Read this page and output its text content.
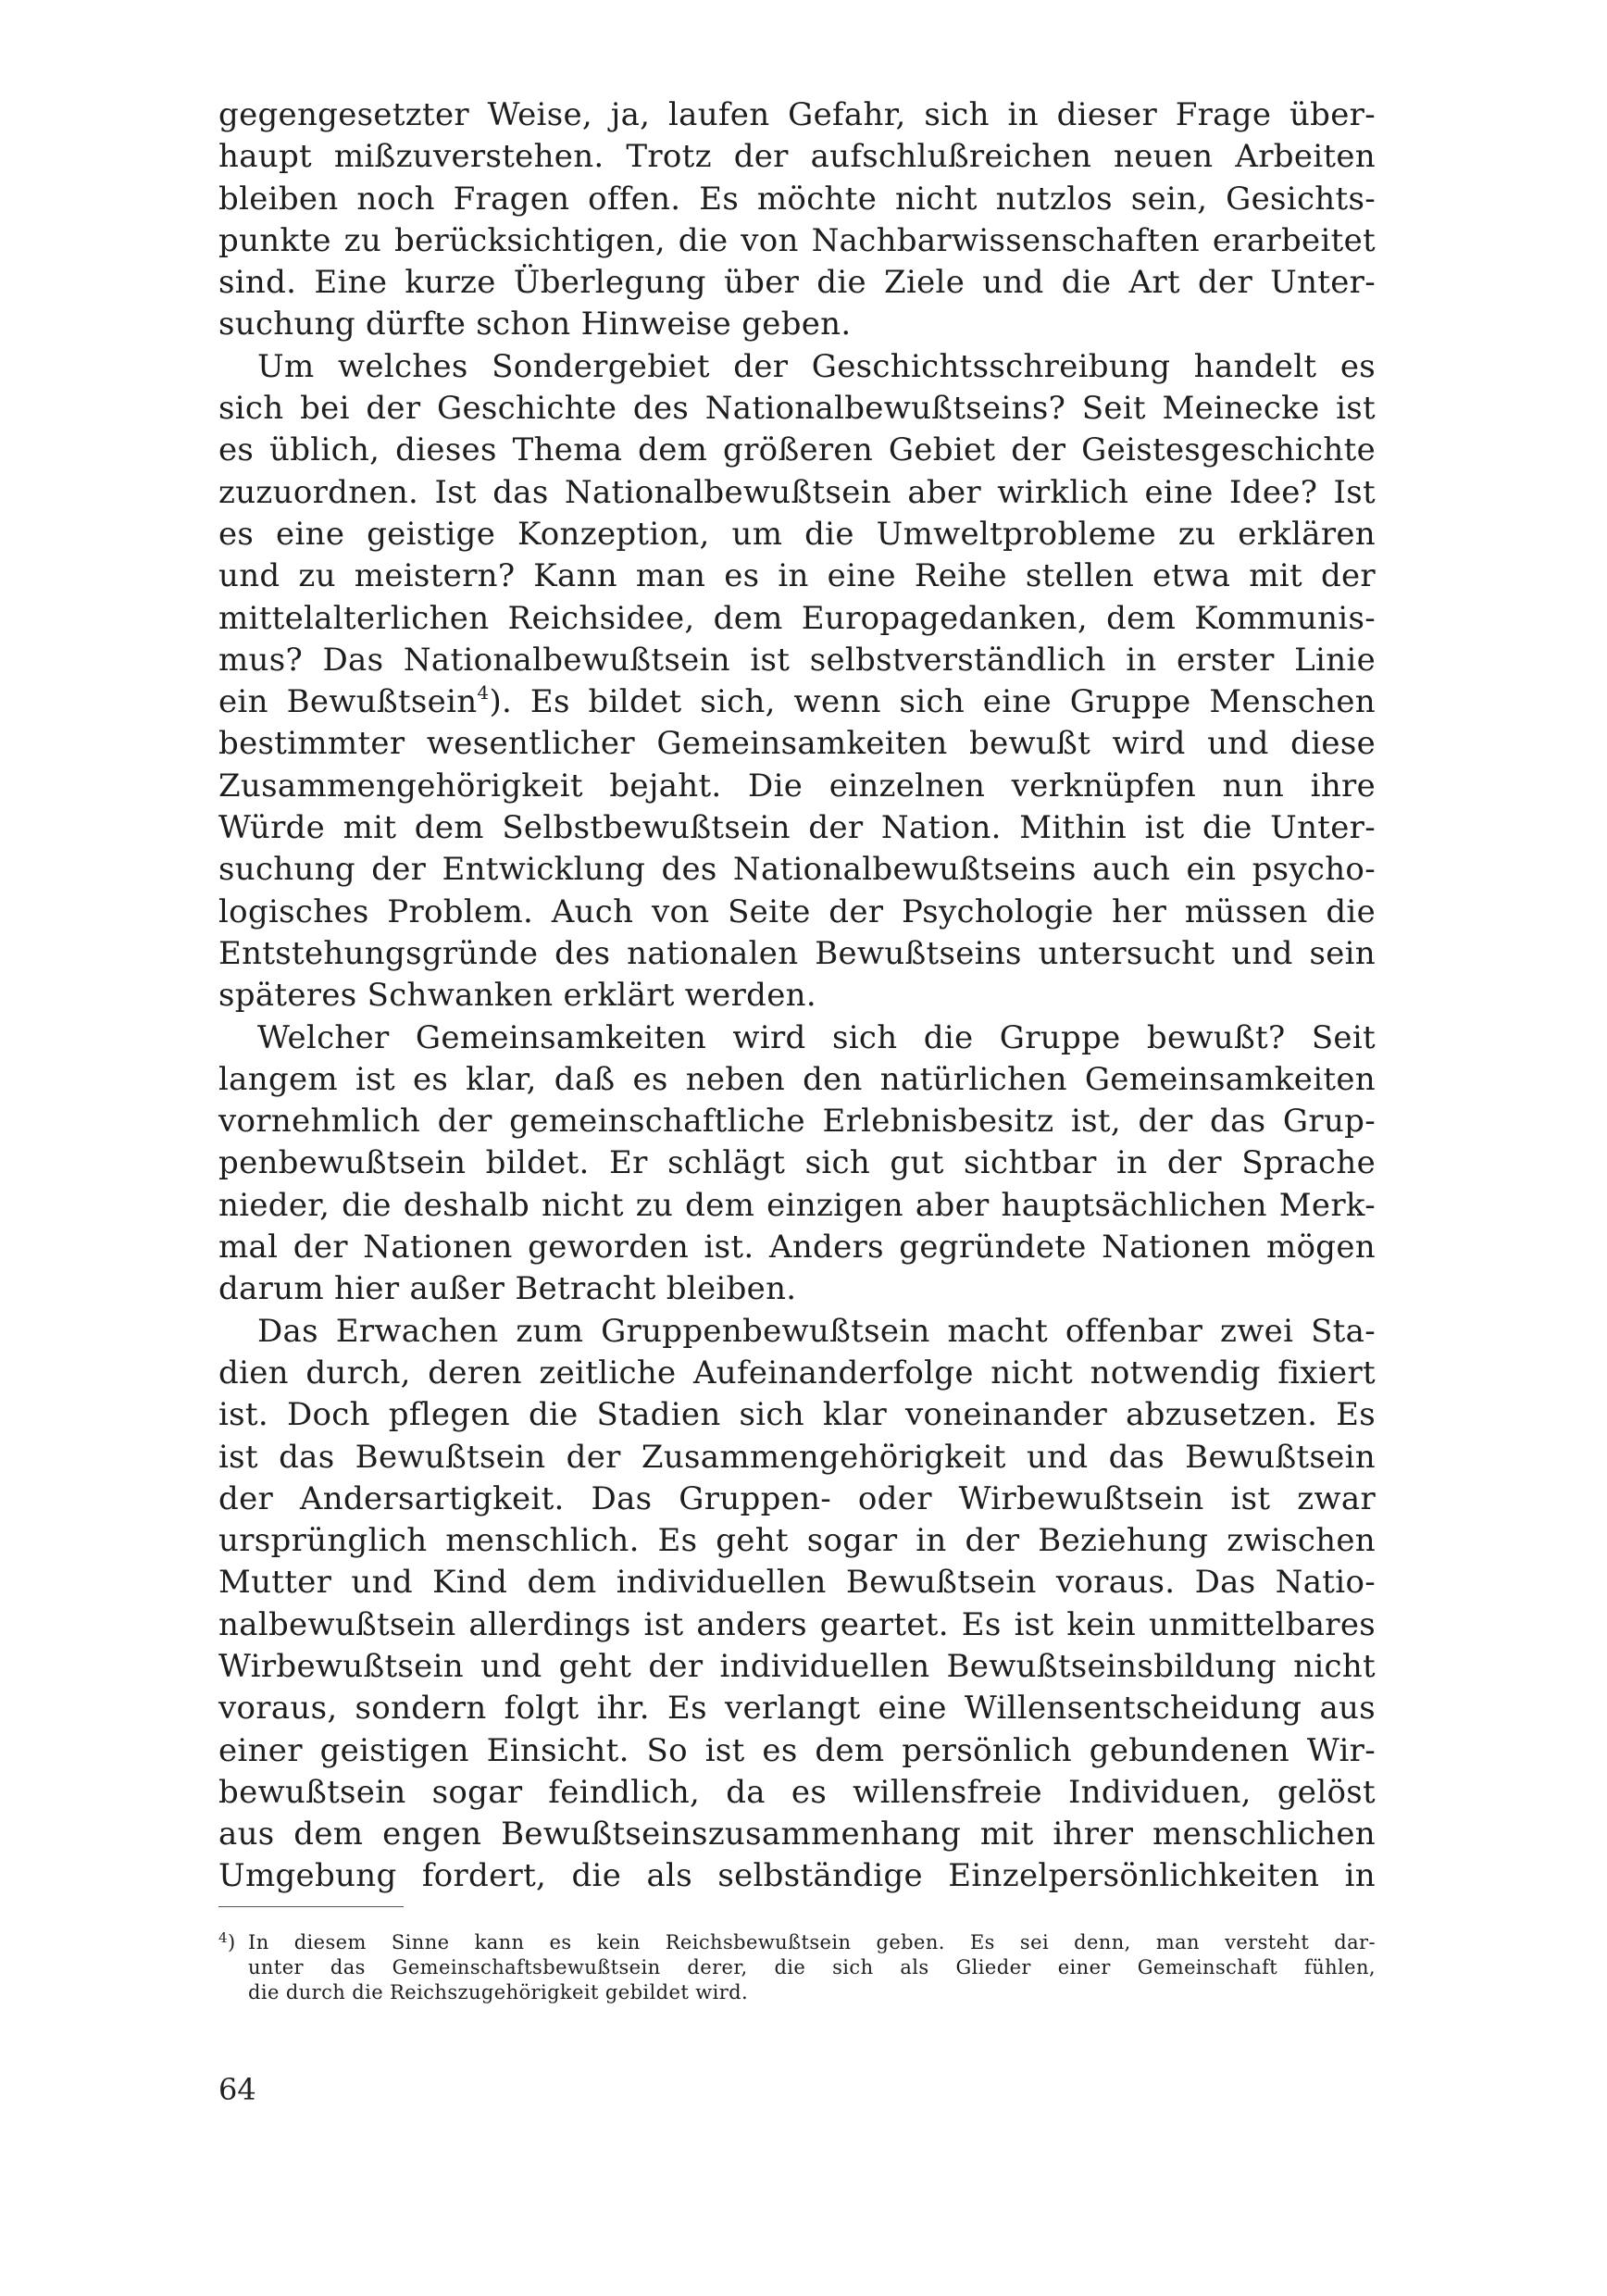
gegengesetzter Weise, ja, laufen Gefahr, sich in dieser Frage über-
haupt mißzuverstehen. Trotz der aufschlußreichen neuen Arbeiten
bleiben noch Fragen offen. Es möchte nicht nutzlos sein, Gesichts-
punkte zu berücksichtigen, die von Nachbarwissenschaften erarbeitet
sind. Eine kurze Überlegung über die Ziele und die Art der Unter-
suchung dürfte schon Hinweise geben.
Um welches Sondergebiet der Geschichtsschreibung handelt es
sich bei der Geschichte des Nationalbewußtseins? Seit Meinecke ist
es üblich, dieses Thema dem größeren Gebiet der Geistesgeschichte
zuzuordnen. Ist das Nationalbewußtsein aber wirklich eine Idee? Ist
es eine geistige Konzeption, um die Umweltprobleme zu erklären
und zu meistern? Kann man es in eine Reihe stellen etwa mit der
mittelalterlichen Reichsidee, dem Europagedanken, dem Kommunis-
mus? Das Nationalbewußtsein ist selbstverständlich in erster Linie
ein Bewußtsein$^4$). Es bildet sich, wenn sich eine Gruppe Menschen
bestimmter wesentlicher Gemeinsamkeiten bewußt wird und diese
Zusammengehörigkeit bejaht. Die einzelnen verknüpfen nun ihre
Würde mit dem Selbstbewußtsein der Nation. Mithin ist die Unter-
suchung der Entwicklung des Nationalbewußtseins auch ein psycho-
logisches Problem. Auch von Seite der Psychologie her müssen die
Entstehungsgründe des nationalen Bewußtseins untersucht und sein
späteres Schwanken erklärt werden.
Welcher Gemeinsamkeiten wird sich die Gruppe bewußt? Seit
langem ist es klar, daß es neben den natürlichen Gemeinsamkeiten
vornehmlich der gemeinschaftliche Erlebnisbesitz ist, der das Grup-
penbewußtsein bildet. Er schlägt sich gut sichtbar in der Sprache
nieder, die deshalb nicht zu dem einzigen aber hauptsächlichen Merk-
mal der Nationen geworden ist. Anders gegründete Nationen mögen
darum hier außer Betracht bleiben.
Das Erwachen zum Gruppenbewußtsein macht offenbar zwei Sta-
dien durch, deren zeitliche Aufeinanderfolge nicht notwendig fixiert
ist. Doch pflegen die Stadien sich klar voneinander abzusetzen. Es
ist das Bewußtsein der Zusammengehörigkeit und das Bewußtsein
der Andersartigkeit. Das Gruppen- oder Wirbewußtsein ist zwar
ursprünglich menschlich. Es geht sogar in der Beziehung zwischen
Mutter und Kind dem individuellen Bewußtsein voraus. Das Natio-
nalbewußtsein allerdings ist anders geartet. Es ist kein unmittelbares
Wirbewußtsein und geht der individuellen Bewußtseinsbildung nicht
voraus, sondern folgt ihr. Es verlangt eine Willensentscheidung aus
einer geistigen Einsicht. So ist es dem persönlich gebundenen Wir-
bewußtsein sogar feindlich, da es willensfreie Individuen, gelöst
aus dem engen Bewußtseinszusammenhang mit ihrer menschlichen
Umgebung fordert, die als selbständige Einzelpersönlichkeiten in
$^4$) In diesem Sinne kann es kein Reichsbewußtsein geben. Es sei denn, man versteht dar-
unter das Gemeinschaftsbewußtsein derer, die sich als Glieder einer Gemeinschaft fühlen,
die durch die Reichszugehörigkeit gebildet wird.
64
